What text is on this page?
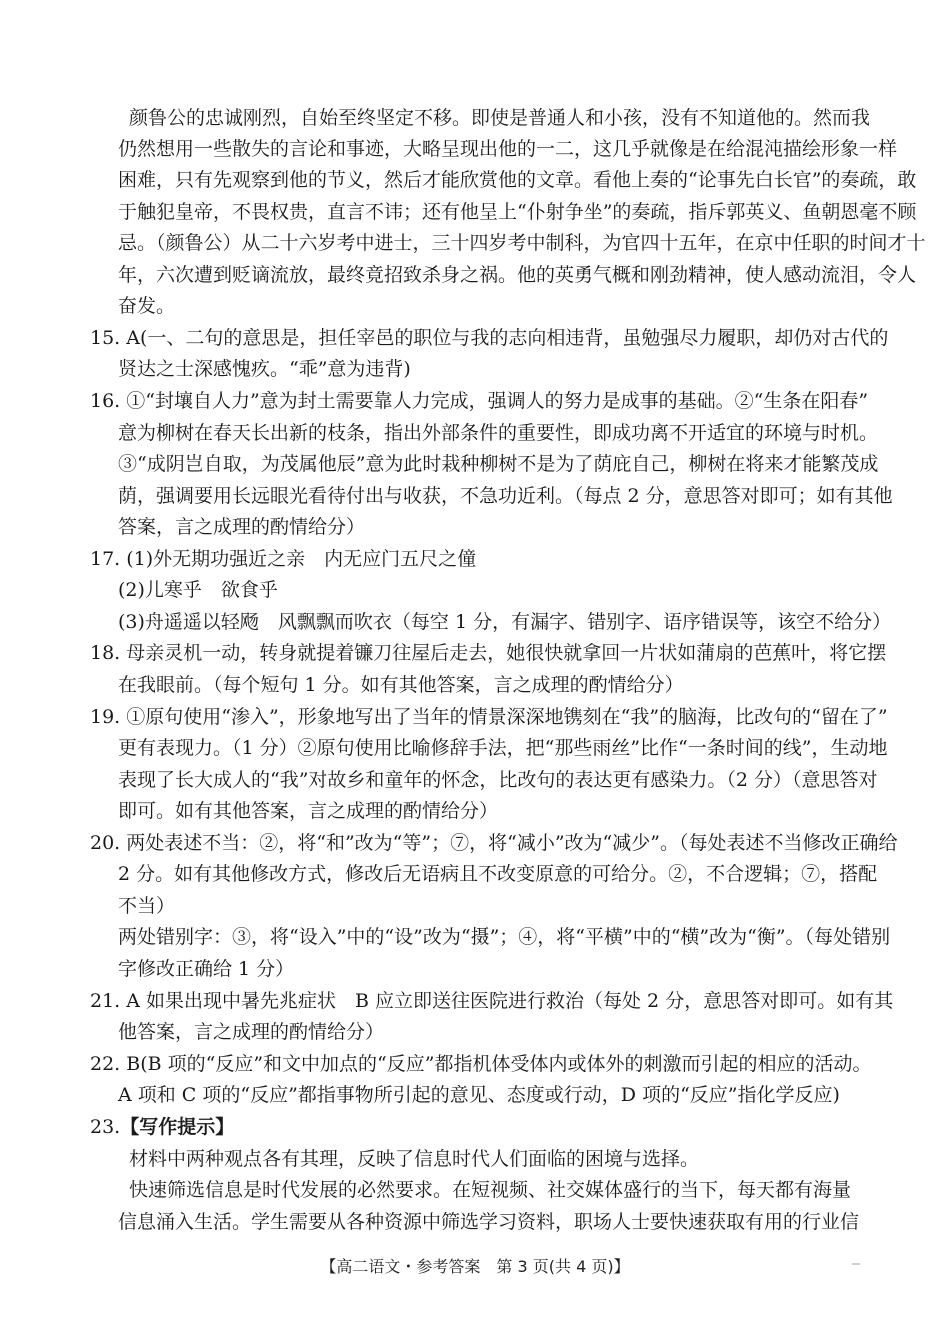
颜鲁公的忠诚刚烈，自始至终坚定不移。即使是普通人和小孩，没有不知道他的。然而我
仍然想用一些散失的言论和事迹，大略呈现出他的一二，这几乎就像是在给混沌描绘形象一样
困难，只有先观察到他的节义，然后才能欣赏他的文章。看他上奏的“论事先白长官”的奏疏，敢
于触犯皇帝，不畏权贵，直言不讳；还有他呈上“仆射争坐”的奏疏，指斥郭英义、鱼朝恩毫不顾
忌。（颜鲁公）从二十六岁考中进士，三十四岁考中制科，为官四十五年，在京中任职的时间才十
年，六次遭到贬谪流放，最终竟招致杀身之祸。他的英勇气概和刚劲精神，使人感动流泪，令人
奋发。
15. A(一、二句的意思是，担任宰邑的职位与我的志向相违背，虽勉强尽力履职，却仍对古代的
贤达之士深感愧疚。“乖”意为违背)
16. ①“封壤自人力”意为封土需要靠人力完成，强调人的努力是成事的基础。②“生条在阳春”
意为柳树在春天长出新的枝条，指出外部条件的重要性，即成功离不开适宜的环境与时机。
③“成阴岂自取，为茂属他辰”意为此时栽种柳树不是为了荫庇自己，柳树在将来才能繁茂成
荫，强调要用长远眼光看待付出与收获，不急功近利。（每点 2 分，意思答对即可；如有其他
答案，言之成理的酌情给分）
17. (1)外无期功强近之亲　内无应门五尺之僮
(2)儿寒乎　欲食乎
(3)舟遥遥以轻飏　风飘飘而吹衣（每空 1 分，有漏字、错别字、语序错误等，该空不给分）
18. 母亲灵机一动，转身就提着镰刀往屋后走去，她很快就拿回一片状如蒲扇的芭蕉叶，将它摆
在我眼前。（每个短句 1 分。如有其他答案，言之成理的酌情给分）
19. ①原句使用“渗入”，形象地写出了当年的情景深深地镌刻在“我”的脑海，比改句的“留在了”
更有表现力。（1 分）②原句使用比喻修辞手法，把“那些雨丝”比作“一条时间的线”，生动地
表现了长大成人的“我”对故乡和童年的怀念，比改句的表达更有感染力。（2 分）（意思答对
即可。如有其他答案，言之成理的酌情给分）
20. 两处表述不当：②，将“和”改为“等”；⑦，将“减小”改为“减少”。（每处表述不当修改正确给
2 分。如有其他修改方式，修改后无语病且不改变原意的可给分。②，不合逻辑；⑦，搭配
不当）
两处错别字：③，将“设入”中的“设”改为“摄”；④，将“平横”中的“横”改为“衡”。（每处错别
字修改正确给 1 分）
21. A 如果出现中暑先兆症状　B 应立即送往医院进行救治（每处 2 分，意思答对即可。如有其
他答案，言之成理的酌情给分）
22. B(B 项的“反应”和文中加点的“反应”都指机体受体内或体外的刺激而引起的相应的活动。
A 项和 C 项的“反应”都指事物所引起的意见、态度或行动，D 项的“反应”指化学反应)
23.【写作提示】
材料中两种观点各有其理，反映了信息时代人们面临的困境与选择。
快速筛选信息是时代发展的必然要求。在短视频、社交媒体盛行的当下，每天都有海量
信息涌入生活。学生需要从各种资源中筛选学习资料，职场人士要快速获取有用的行业信
【高二语文・参考答案　第 3 页(共 4 页)】
